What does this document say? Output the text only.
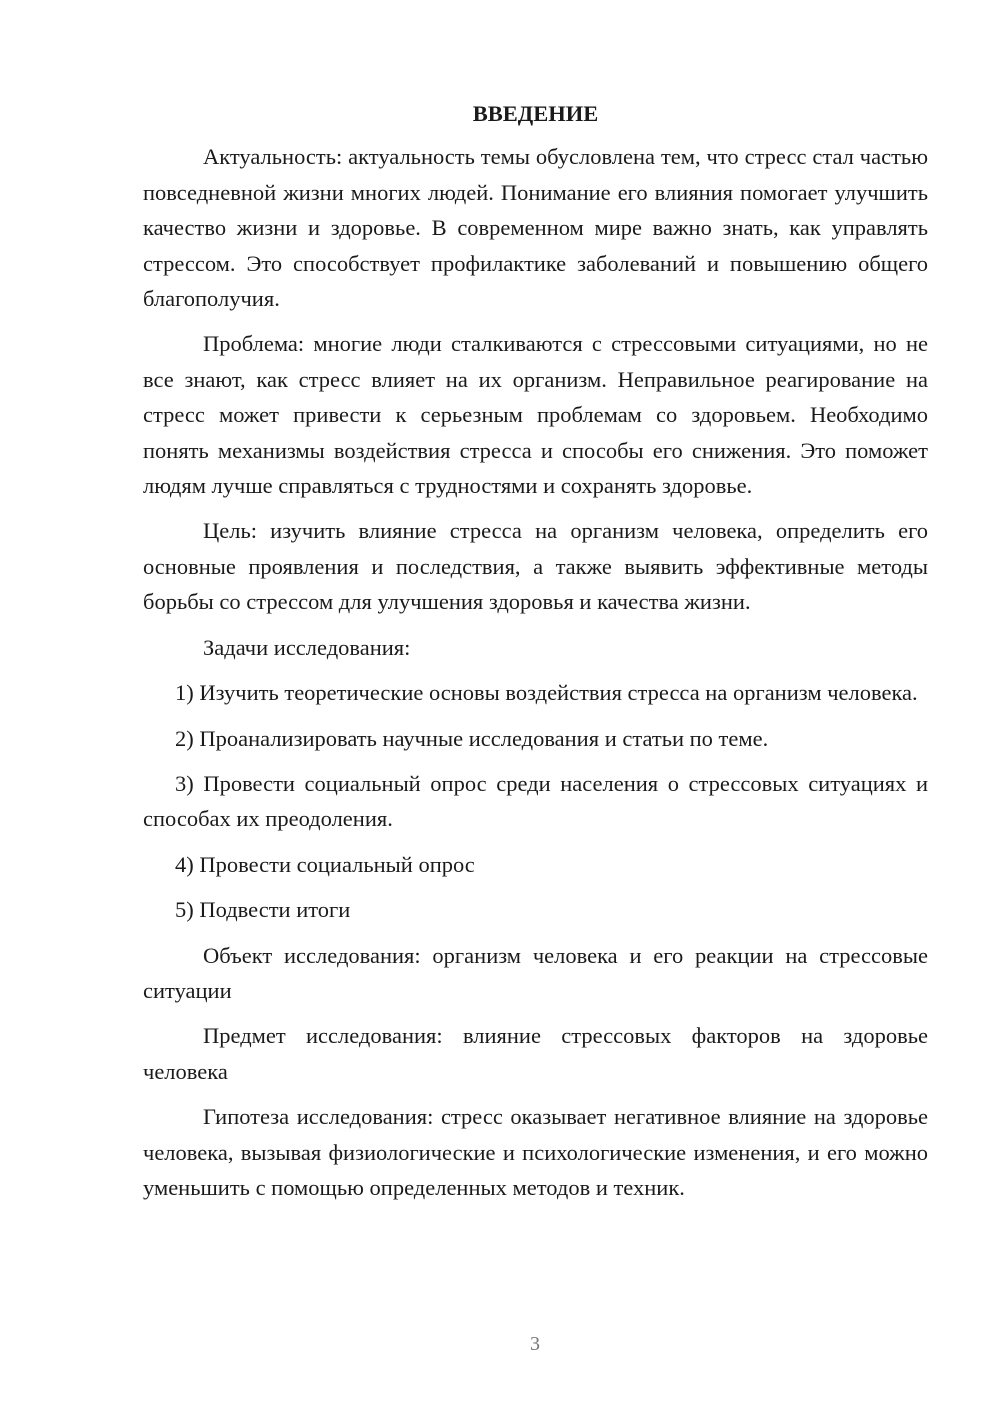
ВВЕДЕНИЕ

Актуальность: актуальность темы обусловлена тем, что стресс стал частью повседневной жизни многих людей. Понимание его влияния помогает улучшить качество жизни и здоровье. В современном мире важно знать, как управлять стрессом. Это способствует профилактике заболеваний и повышению общего благополучия.

Проблема: многие люди сталкиваются с стрессовыми ситуациями, но не все знают, как стресс влияет на их организм. Неправильное реагирование на стресс может привести к серьезным проблемам со здоровьем. Необходимо понять механизмы воздействия стресса и способы его снижения. Это поможет людям лучше справляться с трудностями и сохранять здоровье.

Цель: изучить влияние стресса на организм человека, определить его основные проявления и последствия, а также выявить эффективные методы борьбы со стрессом для улучшения здоровья и качества жизни.

Задачи исследования:

1) Изучить теоретические основы воздействия стресса на организм человека.

2) Проанализировать научные исследования и статьи по теме.

3) Провести социальный опрос среди населения о стрессовых ситуациях и способах их преодоления.

4) Провести социальный опрос

5) Подвести итоги

Объект исследования: организм человека и его реакции на стрессовые ситуации

Предмет исследования: влияние стрессовых факторов на здоровье человека

Гипотеза исследования: стресс оказывает негативное влияние на здоровье человека, вызывая физиологические и психологические изменения, и его можно уменьшить с помощью определенных методов и техник.

3
